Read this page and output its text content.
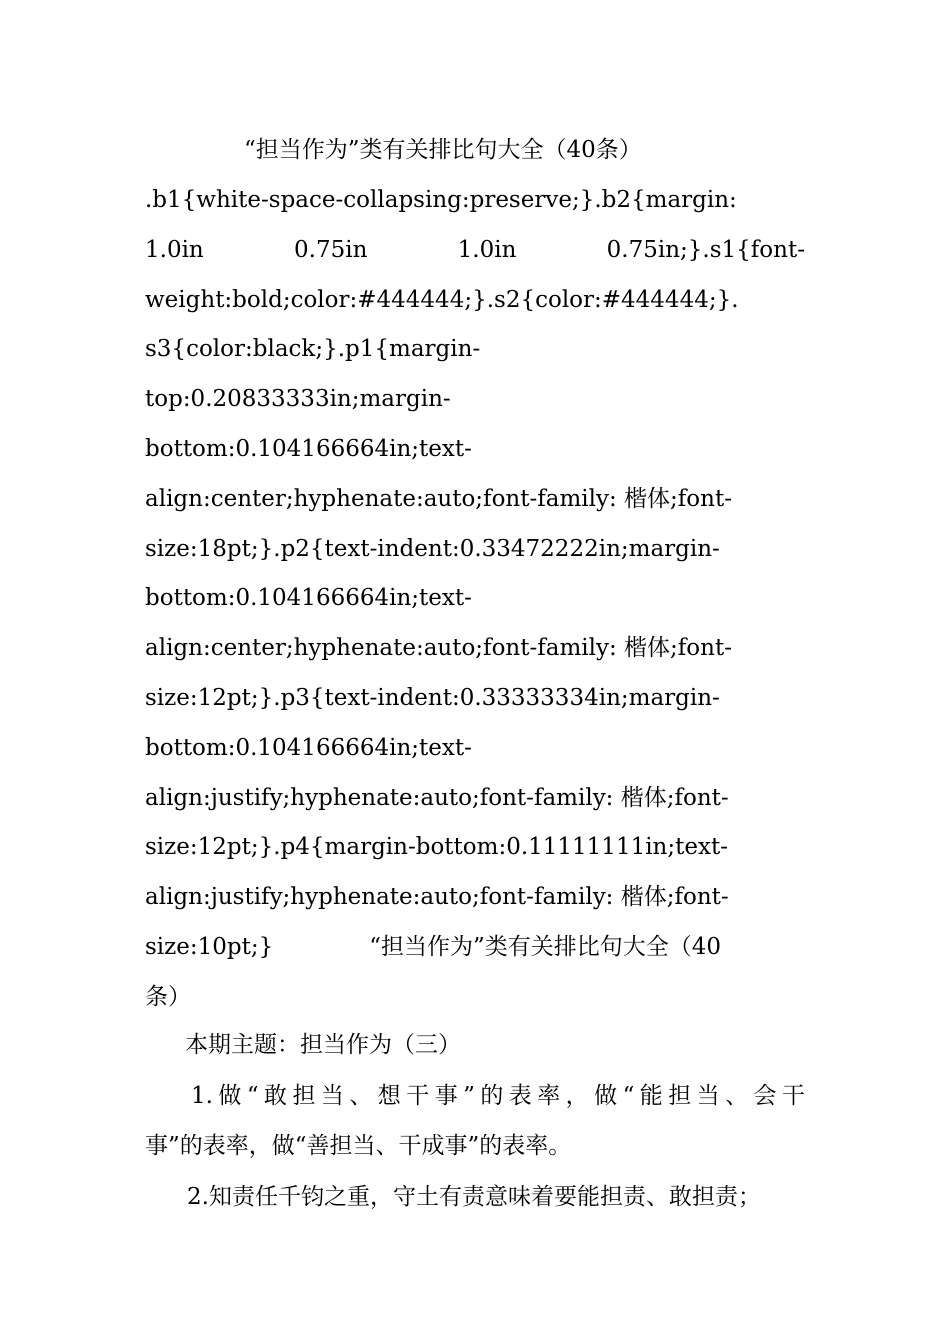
“担当作为”类有关排比句大全（40条）
.b1{white-space-collapsing:preserve;}.b2{margin:
1.0in       0.75in       1.0in       0.75in;}.s1{font-
weight:bold;color:#444444;}.s2{color:#444444;}.
s3{color:black;}.p1{margin-
top:0.20833333in;margin-
bottom:0.104166664in;text-
align:center;hyphenate:auto;font-family: 楷体;font-
size:18pt;}.p2{text-indent:0.33472222in;margin-
bottom:0.104166664in;text-
align:center;hyphenate:auto;font-family: 楷体;font-
size:12pt;}.p3{text-indent:0.33333334in;margin-
bottom:0.104166664in;text-
align:justify;hyphenate:auto;font-family: 楷体;font-
size:12pt;}.p4{margin-bottom:0.11111111in;text-
align:justify;hyphenate:auto;font-family: 楷体;font-
size:10pt;}	“担当作为”类有关排比句大全（40
条）

本期主题：担当作为（三）

1.做“敢担当、想干事”的表率，做“能担当、会干
事”的表率，做“善担当、干成事”的表率。

2.知责任千钧之重，守土有责意味着要能担责、敢担责；
